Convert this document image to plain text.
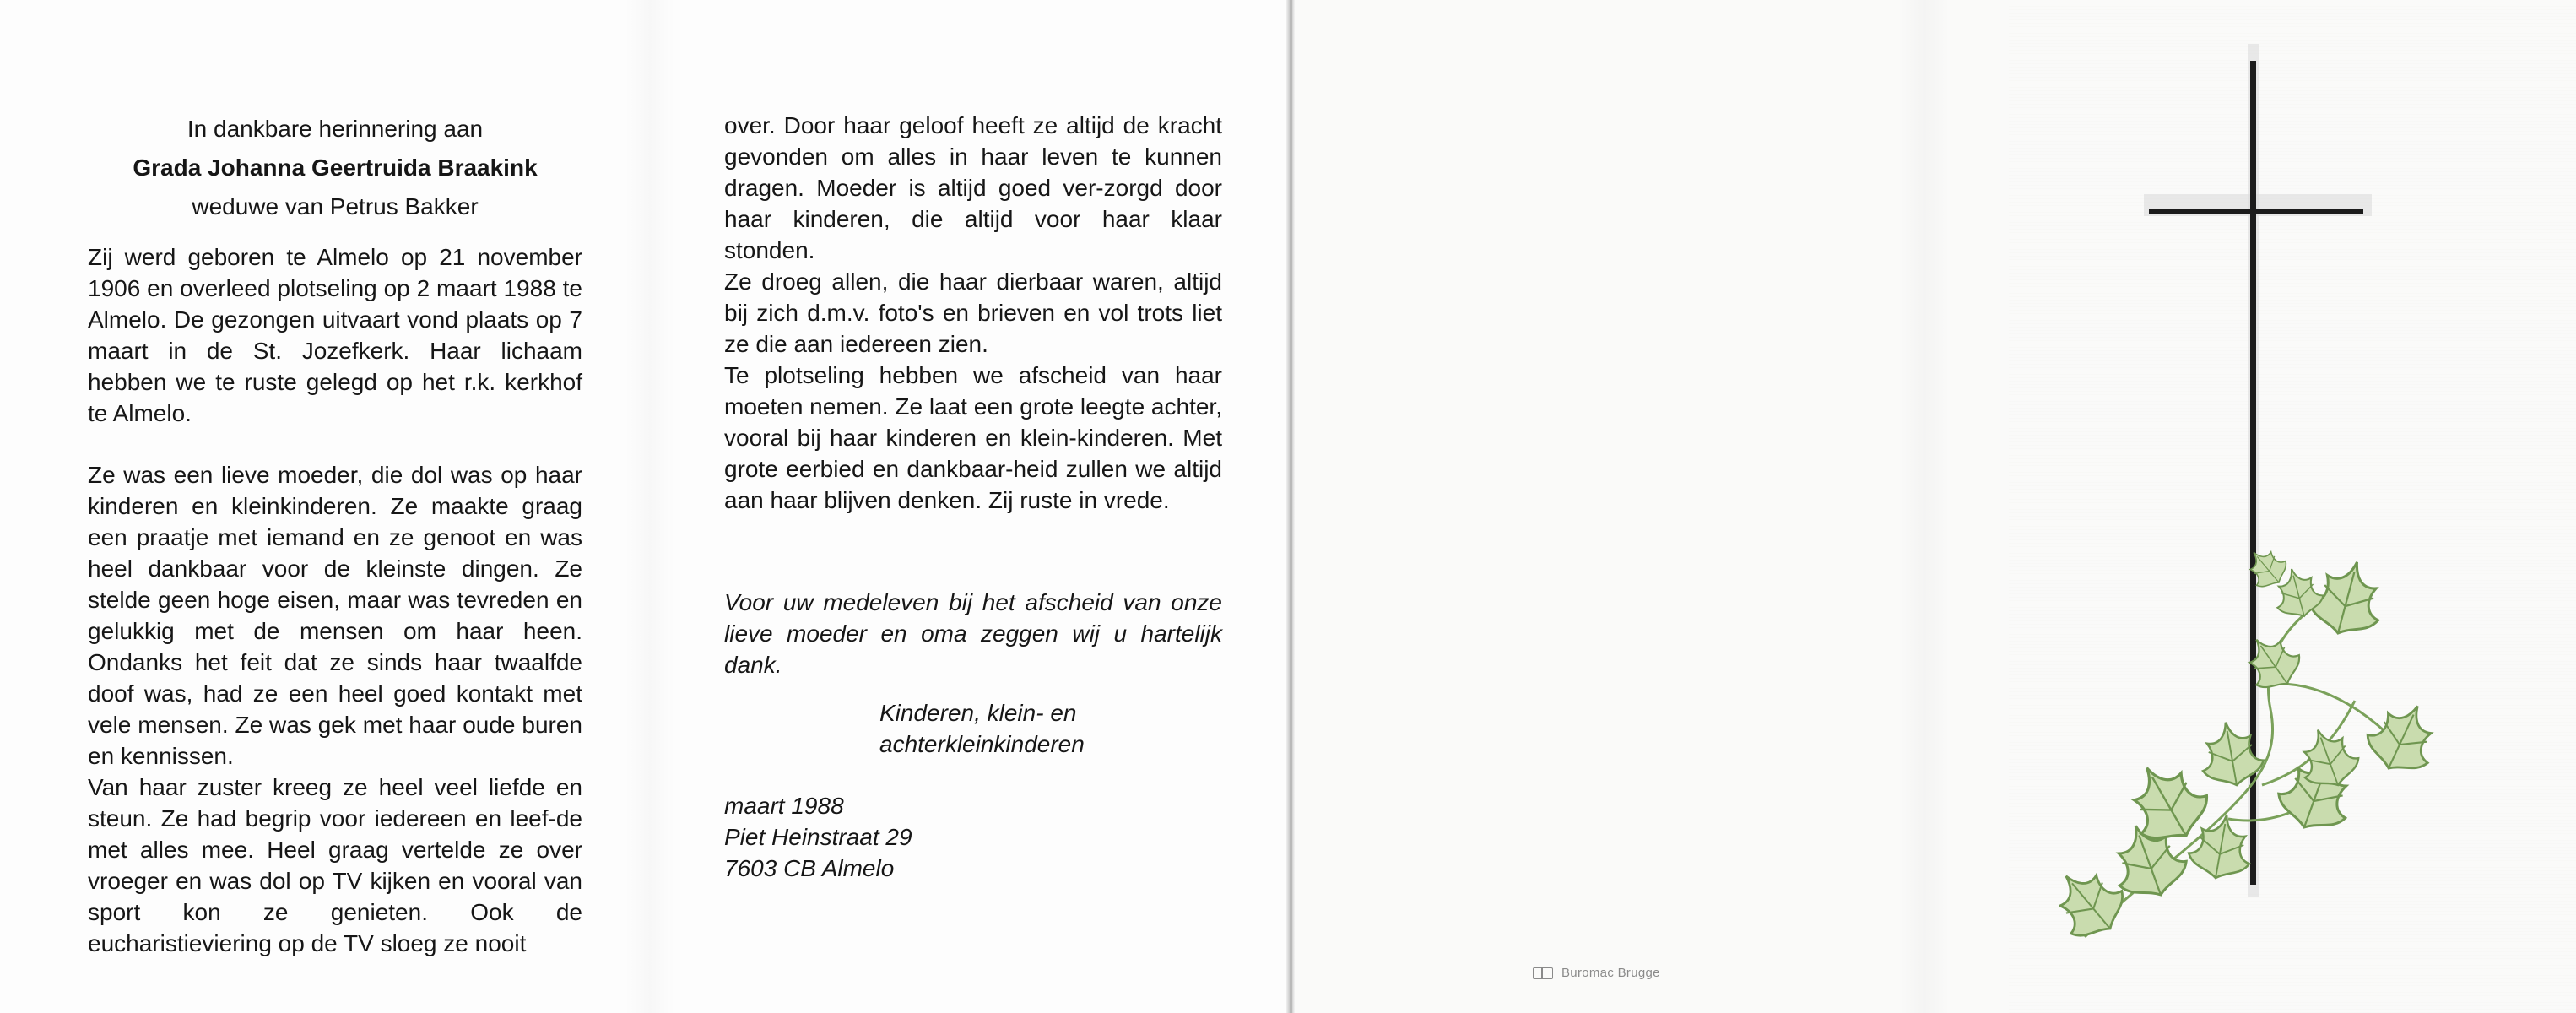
In dankbare herinnering aan
Grada Johanna Geertruida Braakink
weduwe van Petrus Bakker

Zij werd geboren te Almelo op 21 november 1906 en overleed plotseling op 2 maart 1988 te Almelo. De gezongen uitvaart vond plaats op 7 maart in de St. Jozefkerk. Haar lichaam hebben we te ruste gelegd op het r.k. kerkhof te Almelo.

Ze was een lieve moeder, die dol was op haar kinderen en kleinkinderen. Ze maakte graag een praatje met iemand en ze genoot en was heel dankbaar voor de kleinste dingen. Ze stelde geen hoge eisen, maar was tevreden en gelukkig met de mensen om haar heen. Ondanks het feit dat ze sinds haar twaalfde doof was, had ze een heel goed kontakt met vele mensen. Ze was gek met haar oude buren en kennissen.

Van haar zuster kreeg ze heel veel liefde en steun. Ze had begrip voor iedereen en leef-de met alles mee. Heel graag vertelde ze over vroeger en was dol op TV kijken en vooral van sport kon ze genieten. Ook de eucharistieviering op de TV sloeg ze nooit

over. Door haar geloof heeft ze altijd de kracht gevonden om alles in haar leven te kunnen dragen. Moeder is altijd goed ver-zorgd door haar kinderen, die altijd voor haar klaar stonden.

Ze droeg allen, die haar dierbaar waren, altijd bij zich d.m.v. foto's en brieven en vol trots liet ze die aan iedereen zien.

Te plotseling hebben we afscheid van haar moeten nemen. Ze laat een grote leegte achter, vooral bij haar kinderen en klein-kinderen. Met grote eerbied en dankbaar-heid zullen we altijd aan haar blijven denken. Zij ruste in vrede.

Voor uw medeleven bij het afscheid van onze lieve moeder en oma zeggen wij u hartelijk dank.

Kinderen, klein- en
achterkleinkinderen
maart 1988
Piet Heinstraat 29
7603 CB Almelo
Buromac Brugge
